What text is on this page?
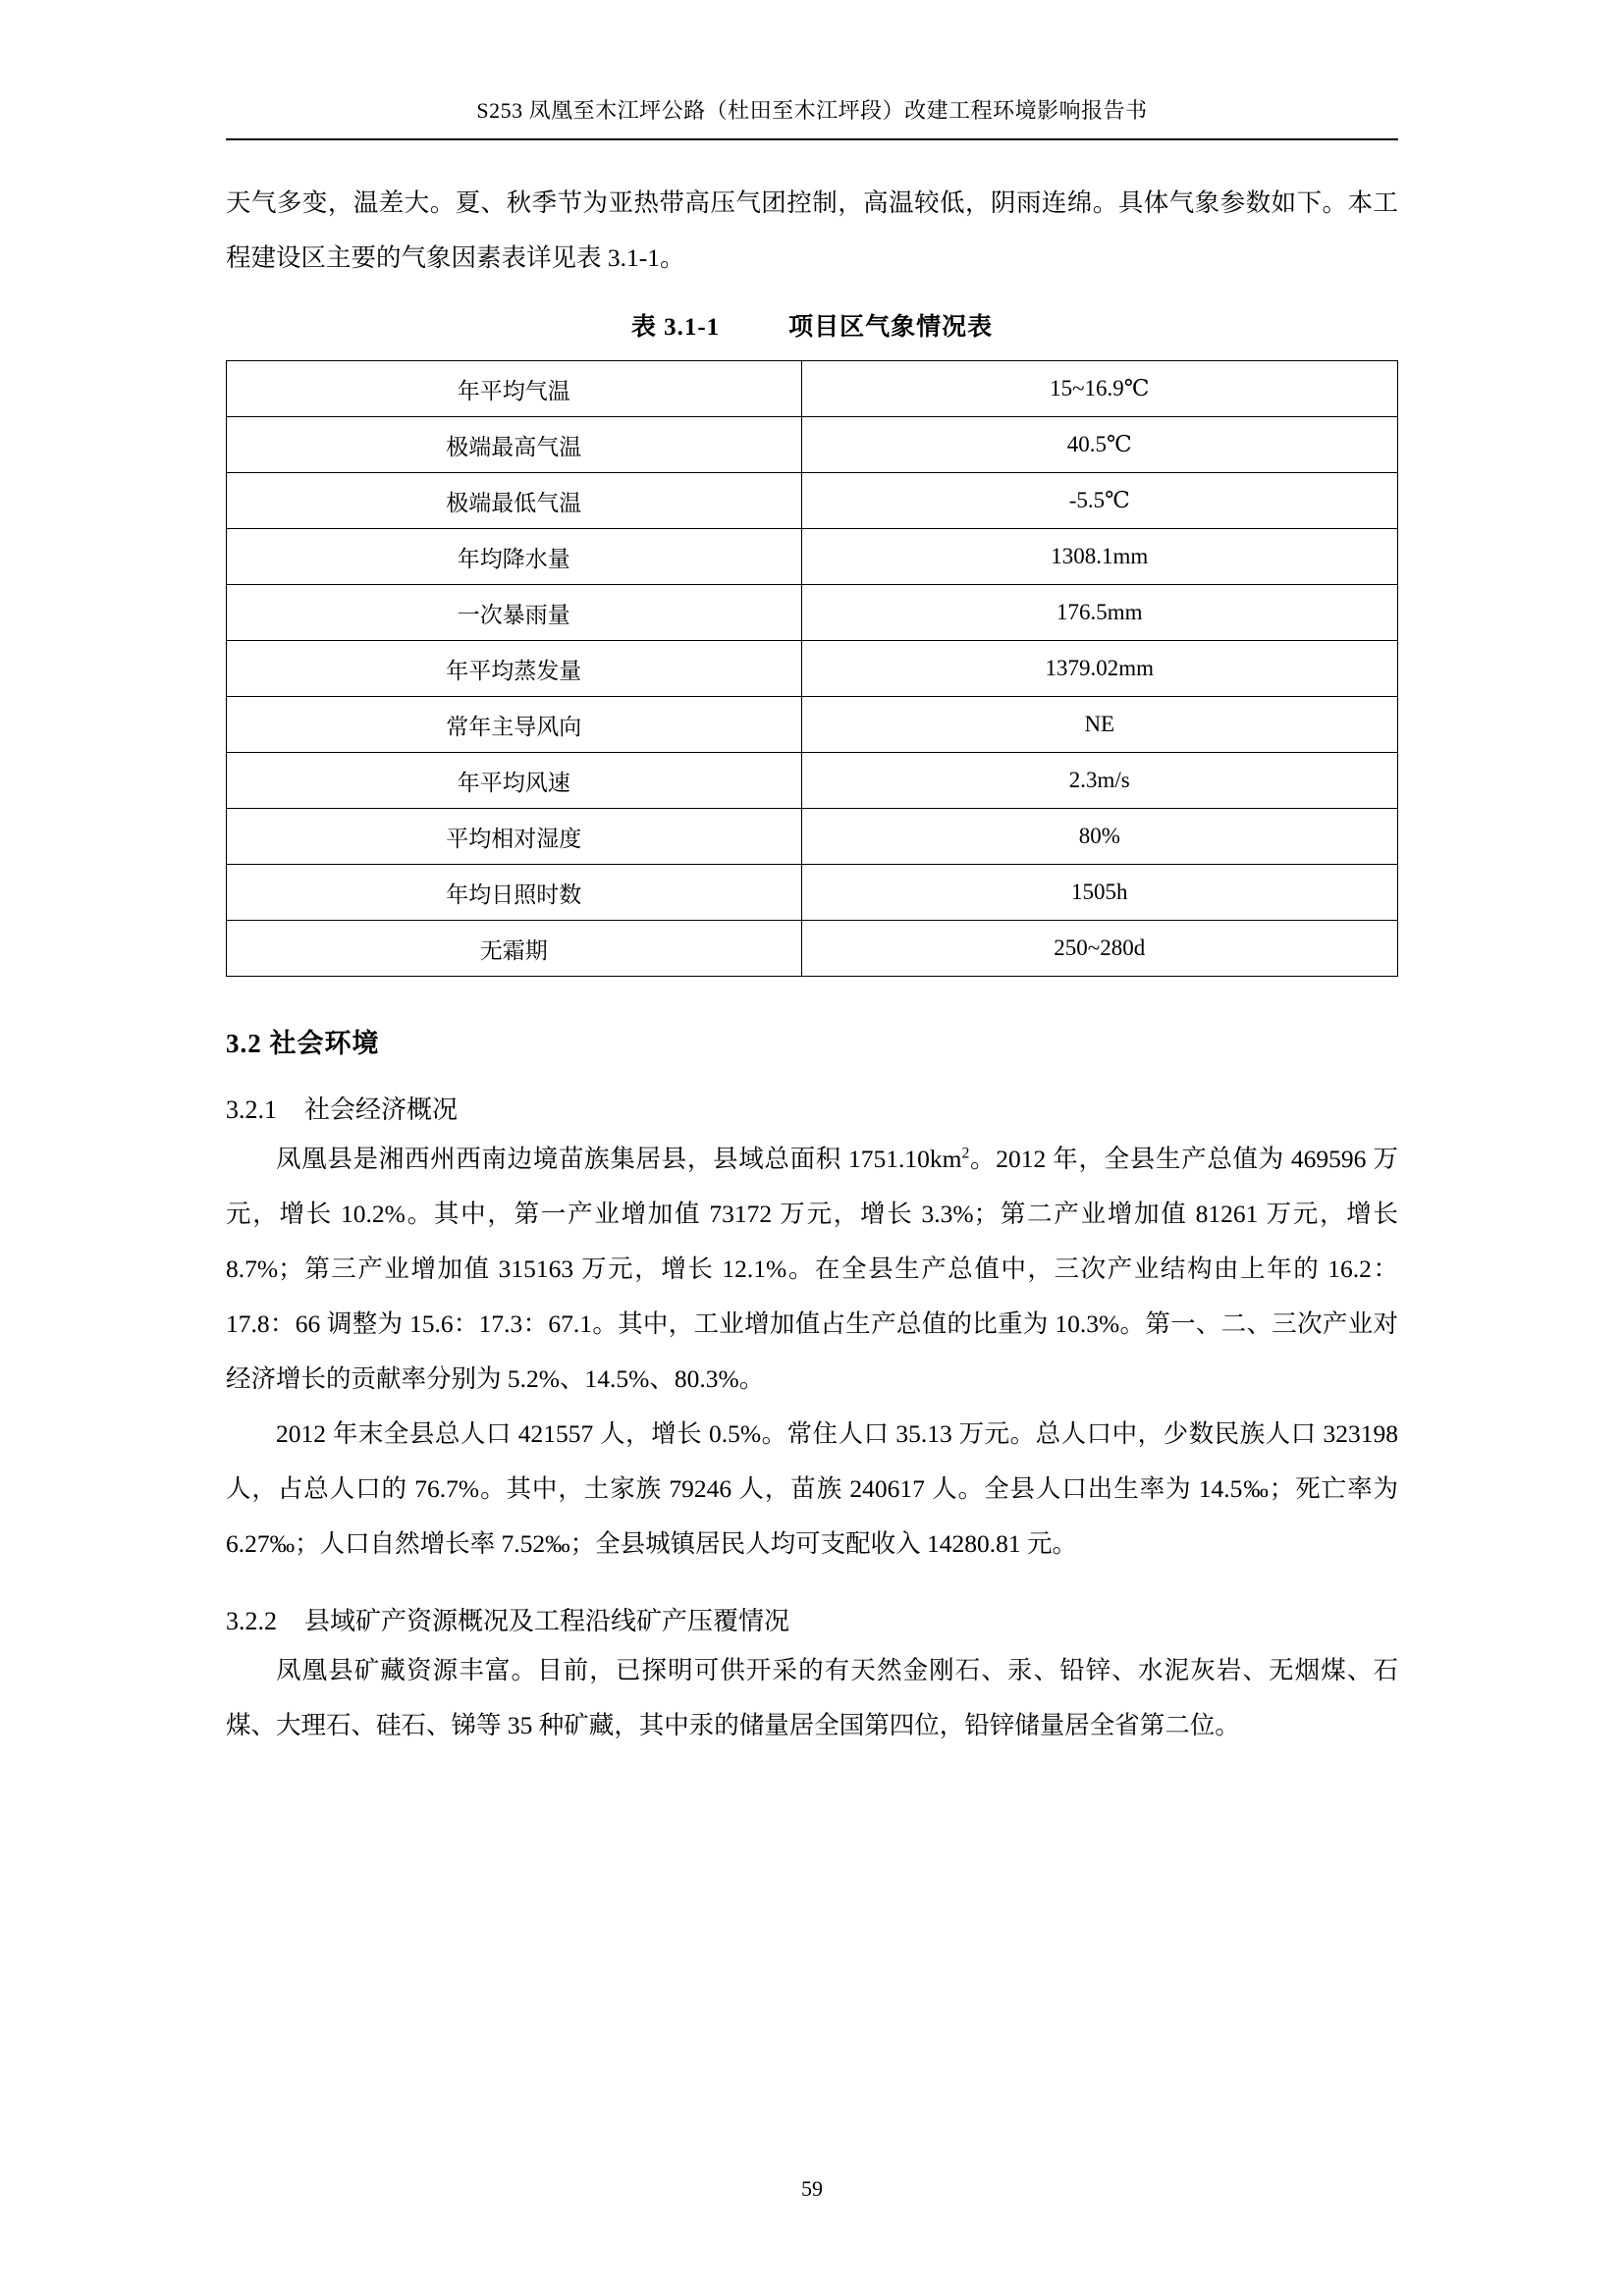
S253 凤凰至木江坪公路（杜田至木江坪段）改建工程环境影响报告书

天气多变，温差大。夏、秋季节为亚热带高压气团控制，高温较低，阴雨连绵。具体气象参数如下。本工程建设区主要的气象因素表详见表 3.1-1。

表 3.1-1	项目区气象情况表
年平均气温	15~16.9℃
极端最高气温	40.5℃
极端最低气温	-5.5℃
年均降水量	1308.1mm
一次暴雨量	176.5mm
年平均蒸发量	1379.02mm
常年主导风向	NE
年平均风速	2.3m/s
平均相对湿度	80%
年均日照时数	1505h
无霜期	250~280d
3.2 社会环境
3.2.1 社会经济概况

凤凰县是湘西州西南边境苗族集居县，县域总面积 $1751.10km^2$。2012 年，全县生产总值为 469596 万元，增长 10.2%。其中，第一产业增加值 73172 万元，增长 3.3%；第二产业增加值 81261 万元，增长 8.7%；第三产业增加值 315163 万元，增长 12.1%。在全县生产总值中，三次产业结构由上年的 16.2：17.8：66 调整为 15.6：17.3：67.1。其中，工业增加值占生产总值的比重为 10.3%。第一、二、三次产业对经济增长的贡献率分别为 5.2%、14.5%、80.3%。

2012 年末全县总人口 421557 人，增长 0.5%。常住人口 35.13 万元。总人口中，少数民族人口 323198 人，占总人口的 76.7%。其中，土家族 79246 人，苗族 240617 人。全县人口出生率为 14.5‰；死亡率为 6.27‰；人口自然增长率 7.52‰；全县城镇居民人均可支配收入 14280.81 元。

3.2.2 县域矿产资源概况及工程沿线矿产压覆情况

凤凰县矿藏资源丰富。目前，已探明可供开采的有天然金刚石、汞、铅锌、水泥灰岩、无烟煤、石煤、大理石、硅石、锑等 35 种矿藏，其中汞的储量居全国第四位，铅锌储量居全省第二位。

59
